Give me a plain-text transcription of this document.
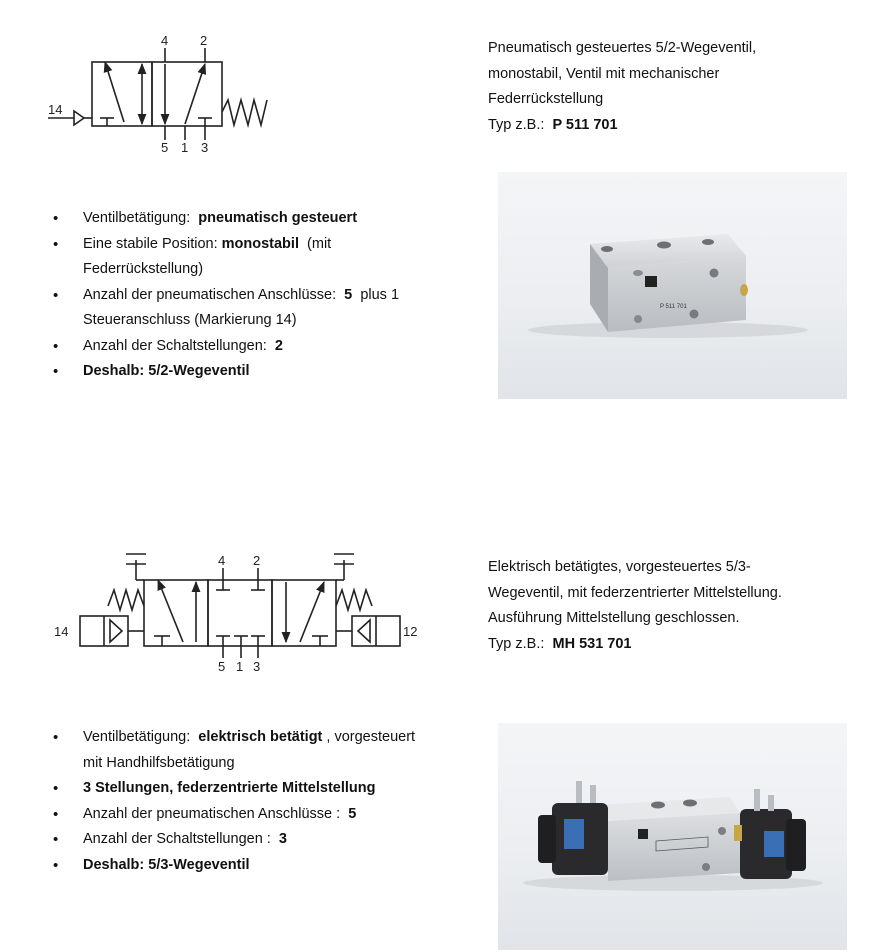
4 2
5 1 3
14
Pneumatisch gesteuertes 5/2-Wegeventil,
monostabil, Ventil mit mechanischer
Federrückstellung
Typ z.B.: P 511 701
• Ventilbetätigung: pneumatisch gesteuert
• Eine stabile Position: monostabil (mit
Federrückstellung)
• Anzahl der pneumatischen Anschlüsse: 5 plus 1
Steueranschluss (Markierung 14)
• Anzahl der Schaltstellungen: 2
• Deshalb: 5/2-Wegeventil
P 511 701
4 2
5 1 3
14	12
Elektrisch betätigtes, vorgesteuertes 5/3-
Wegeventil, mit federzentrierter Mittelstellung.
Ausführung Mittelstellung geschlossen.
Typ z.B.: MH 531 701
• Ventilbetätigung: elektrisch betätigt , vorgesteuert
mit Handhilfsbetätigung
• 3 Stellungen, federzentrierte Mittelstellung
• Anzahl der pneumatischen Anschlüsse : 5
• Anzahl der Schaltstellungen : 3
• Deshalb: 5/3-Wegeventil
